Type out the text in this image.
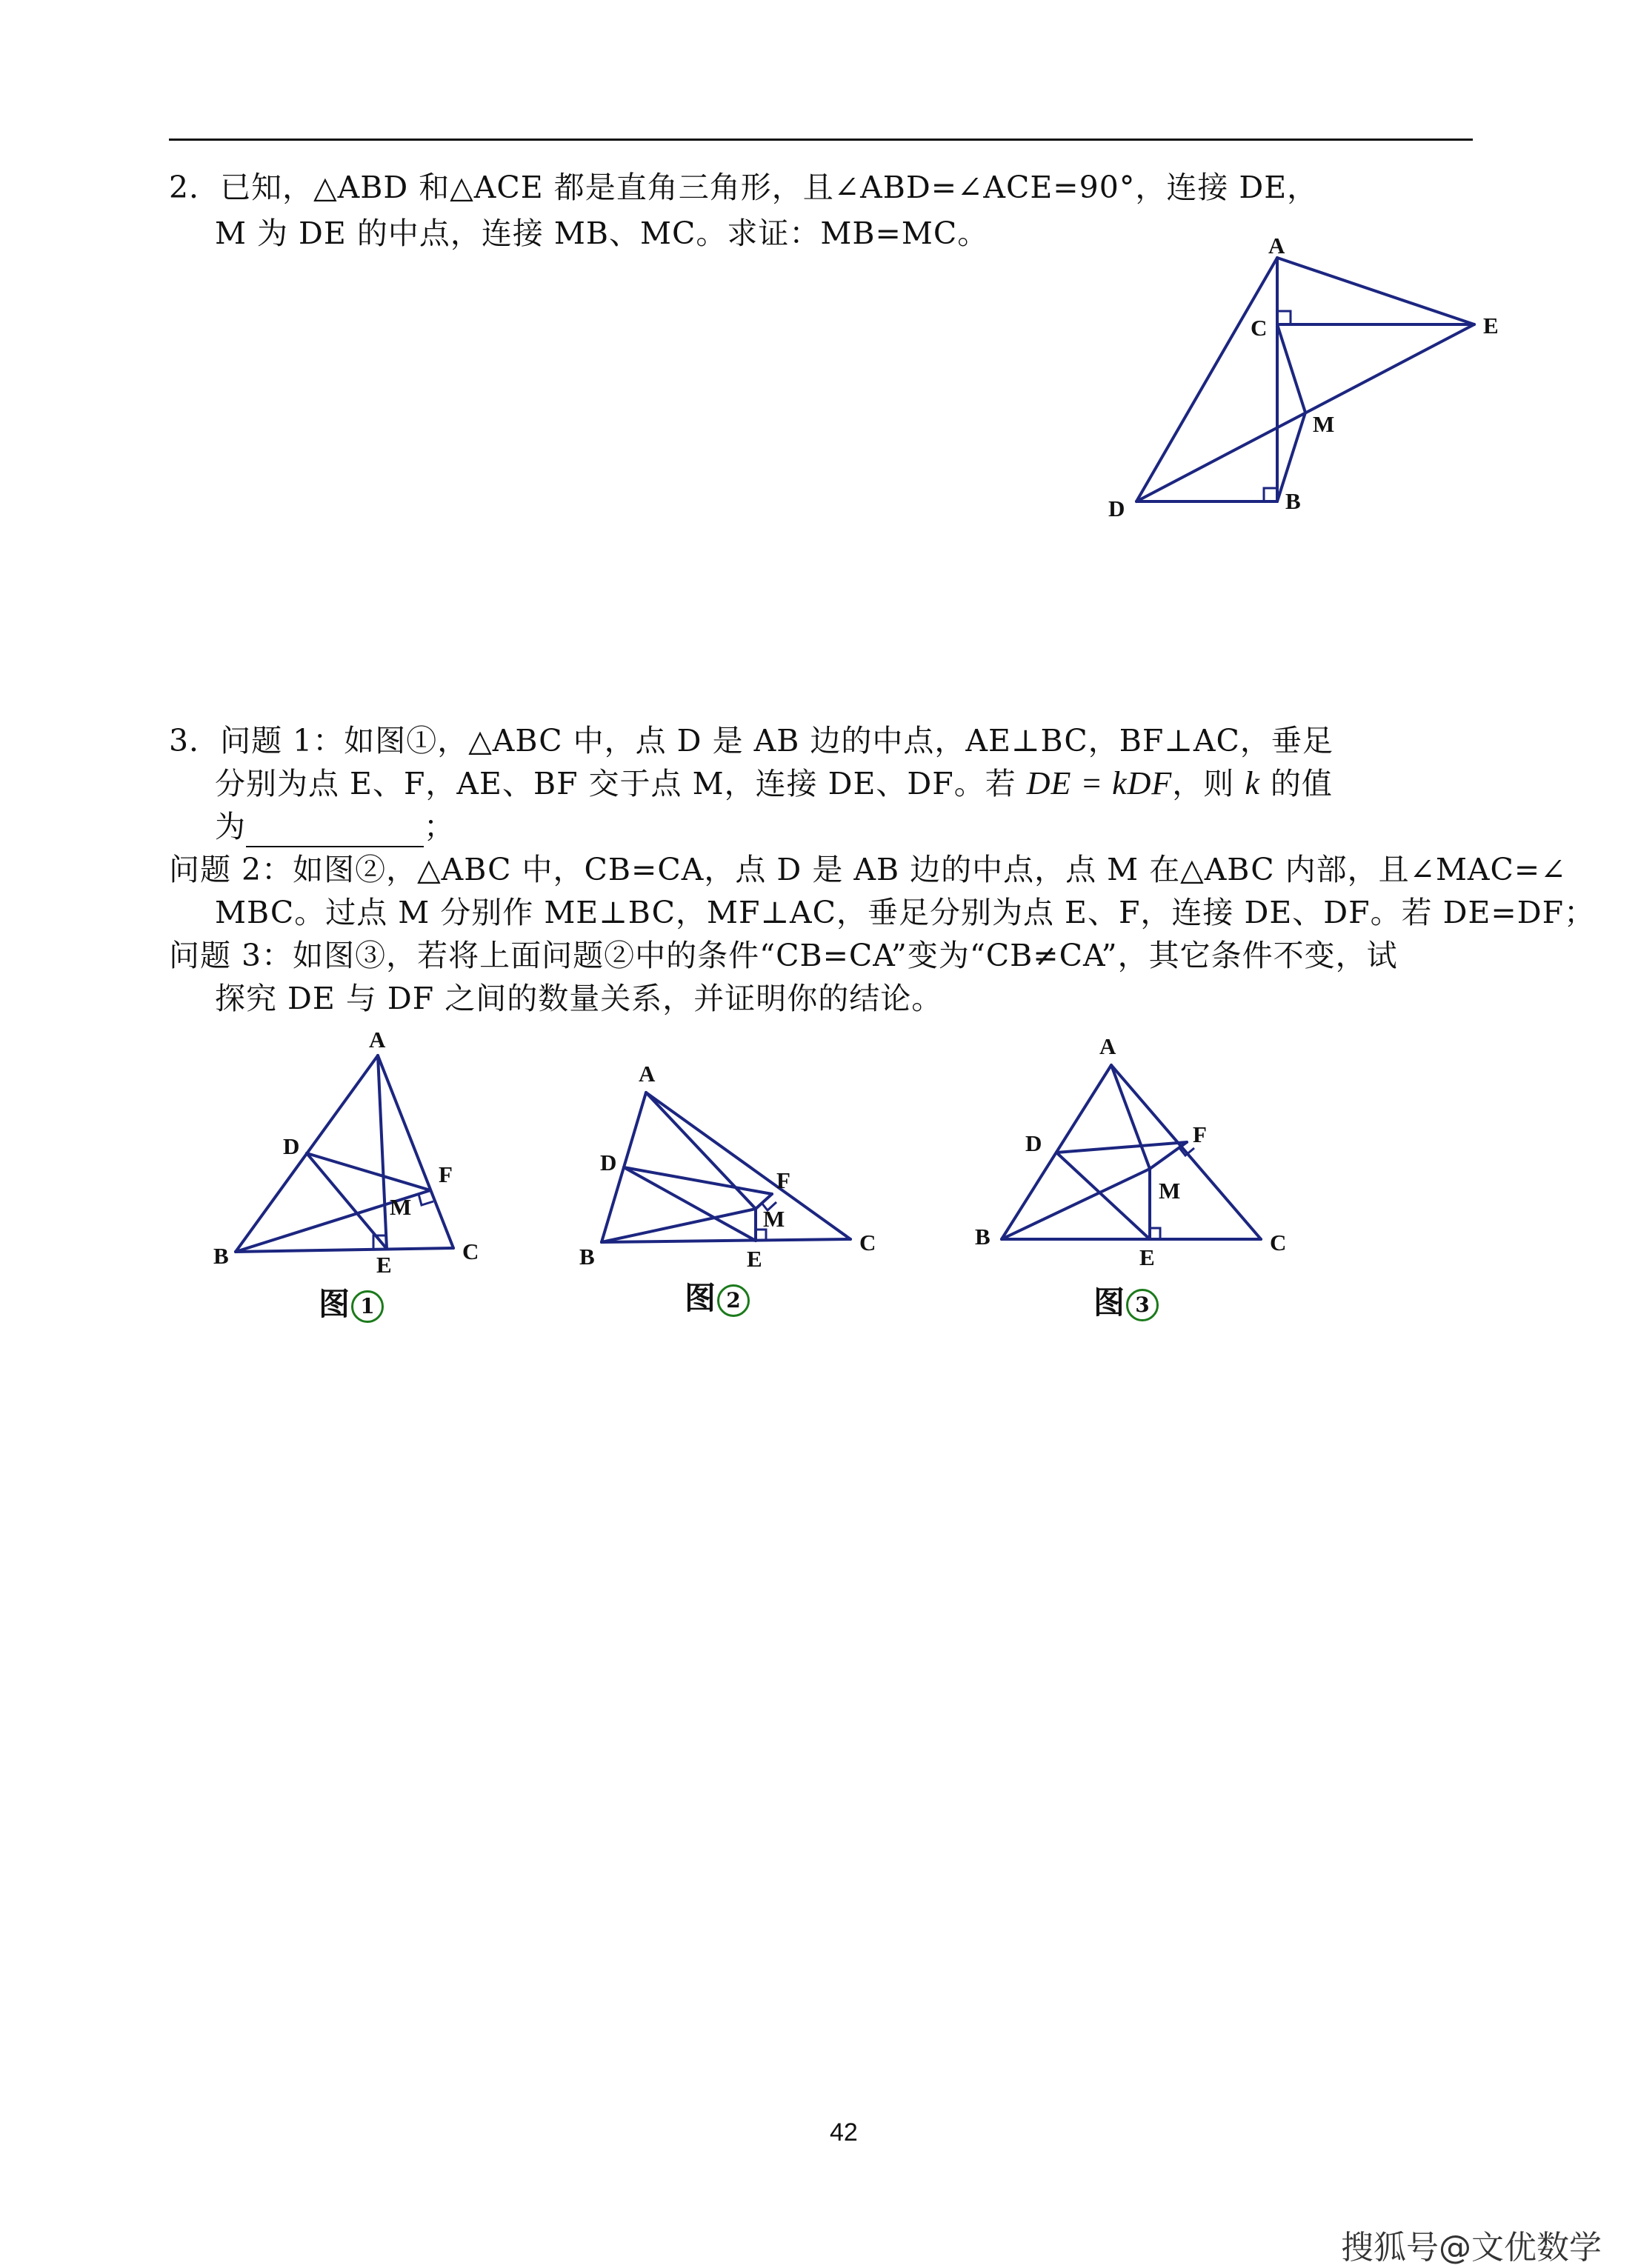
2．已知，△ABD 和△ACE 都是直角三角形，且∠ABD=∠ACE=90°，连接 DE，
M 为 DE 的中点，连接 MB、MC。求证：MB=MC。	A
C	E
M
D	B
3．问题 1：如图①，△ABC 中，点 D 是 AB 边的中点，AE⊥BC，BF⊥AC，垂足
分别为点 E、F，AE、BF 交于点 M，连接 DE、DF。若 DE = kDF，则 k 的值
为	；
问题 2：如图②，△ABC 中，CB=CA，点 D 是 AB 边的中点，点 M 在△ABC 内部，且∠MAC=∠
MBC。过点 M 分别作 ME⊥BC，MF⊥AC，垂足分别为点 E、F，连接 DE、DF。若 DE=DF；
问题 3：如图③，若将上面问题②中的条件“CB=CA”变为“CB≠CA”，其它条件不变，试
探究 DE 与 DF 之间的数量关系，并证明你的结论。
A
D
F
M
B	C
E
图 1
A
D
F
M
B
C
E
图 2
A
D	F
M
B	C
E
图 3
42
搜狐号@文优数学
